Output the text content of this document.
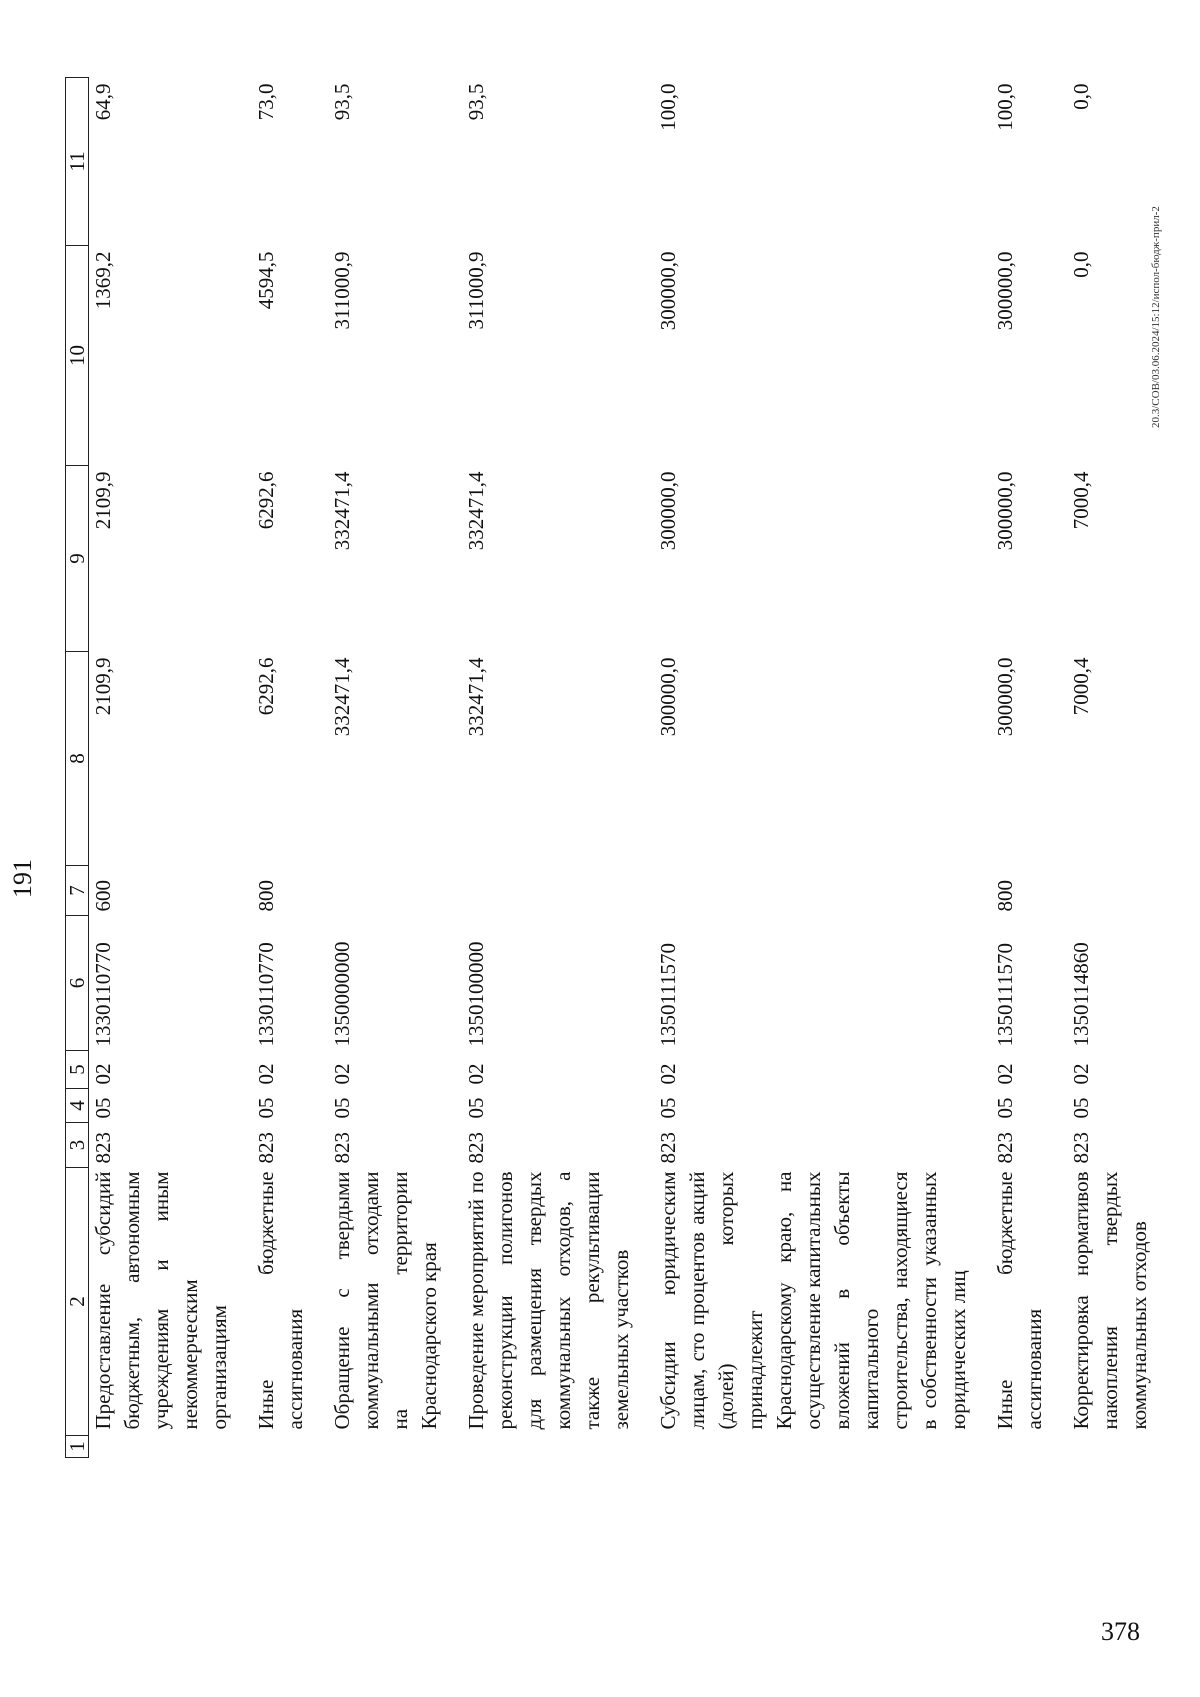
191
1	2	3	4	5	6	7	8	9	10	11
	Предоставление субсидий бюджетным, автономным учреждениям и иным некоммерческим организациям	823	05	02	1330110770	600	2109,9	2109,9	1369,2	64,9
	Иные бюджетные ассигнования	823	05	02	1330110770	800	6292,6	6292,6	4594,5	73,0
	Обращение с твердыми коммунальными отходами на территории Краснодарского края	823	05	02	1350000000		332471,4	332471,4	311000,9	93,5
	Проведение мероприятий по реконструкции полигонов для размещения твердых коммунальных отходов, а также рекультивации земельных участков	823	05	02	1350100000		332471,4	332471,4	311000,9	93,5
	Субсидии юридическим лицам, сто процентов акций (долей) которых принадлежит Краснодарскому краю, на осуществление капитальных вложений в объекты капитального строительства, находящиеся в собственности указанных юридических лиц	823	05	02	1350111570		300000,0	300000,0	300000,0	100,0
	Иные бюджетные ассигнования	823	05	02	1350111570	800	300000,0	300000,0	300000,0	100,0
	Корректировка нормативов накопления твердых коммунальных отходов	823	05	02	1350114860		7000,4	7000,4	0,0	0,0
20.3/СОВ/03.06.2024/15:12/испол-бюдж-прил-2
378
